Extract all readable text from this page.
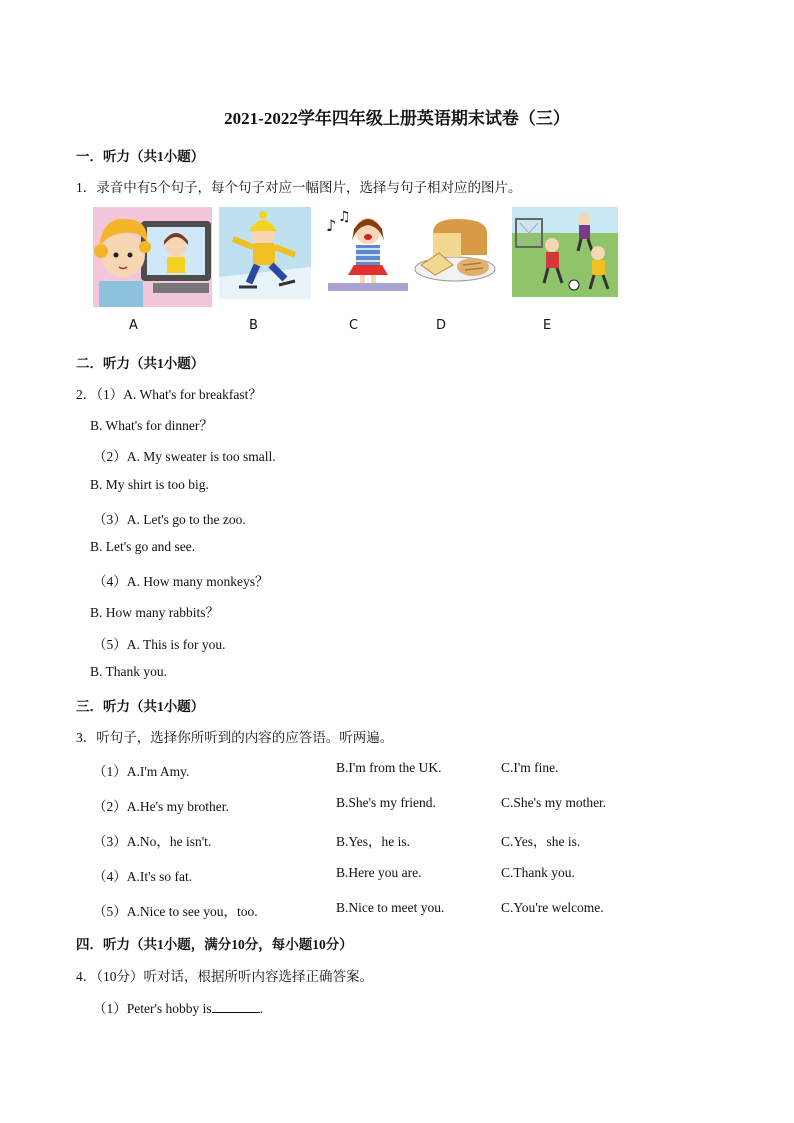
2021-2022学年四年级上册英语期末试卷（三）
一．听力（共1小题）
1．录音中有5个句子，每个句子对应一幅图片，选择与句子相对应的图片。
♪ ♫
A	B	C	D	E
二．听力（共1小题）
2．（1）A. What's for breakfast？
B. What's for dinner？
（2）A. My sweater is too small.
B. My shirt is too big.
（3）A. Let's go to the zoo.
B. Let's go and see.
（4）A. How many monkeys？
B. How many rabbits？
（5）A. This is for you.
B. Thank you.
三．听力（共1小题）
3．听句子，选择你所听到的内容的应答语。听两遍。
（1）A.I'm Amy.	B.I'm from the UK.	C.I'm fine.
（2）A.He's my brother.	B.She's my friend.	C.She's my mother.
（3）A.No，he isn't.	B.Yes，he is.	C.Yes，she is.
（4）A.It's so fat.	B.Here you are.	C.Thank you.
（5）A.Nice to see you，too.	B.Nice to meet you.	C.You're welcome.
四．听力（共1小题，满分10分，每小题10分）
4．（10分）听对话，根据所听内容选择正确答案。
（1）Peter's hobby is	.
